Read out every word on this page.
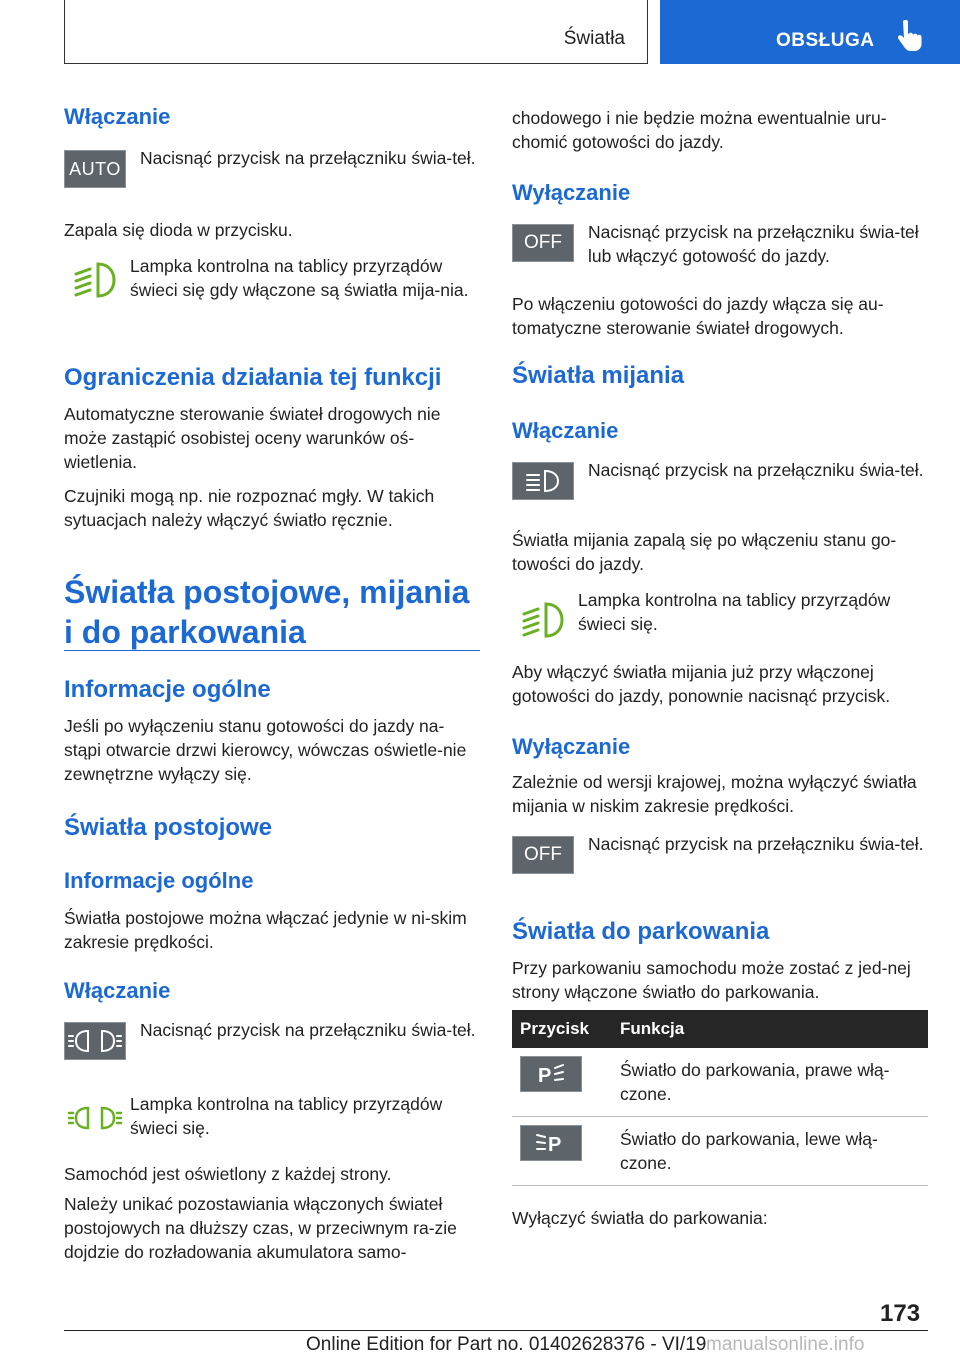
Światła	OBSŁUGA
Włączanie
AUTO
Nacisnąć przycisk na przełączniku świa-teł.

Zapala się dioda w przycisku.

Lampka kontrolna na tablicy przyrządów świeci się gdy włączone są światła mija-nia.
Ograniczenia działania tej funkcji

Automatyczne sterowanie świateł drogowych nie może zastąpić osobistej oceny warunków oś-wietlenia.

Czujniki mogą np. nie rozpoznać mgły. W takich sytuacjach należy włączyć światło ręcznie.

Światła postojowe, mijania i do parkowania
Informacje ogólne

Jeśli po wyłączeniu stanu gotowości do jazdy na-stąpi otwarcie drzwi kierowcy, wówczas oświetle-nie zewnętrzne wyłączy się.

Światła postojowe
Informacje ogólne

Światła postojowe można włączać jedynie w ni-skim zakresie prędkości.

Włączanie
Nacisnąć przycisk na przełączniku świa-teł.
Lampka kontrolna na tablicy przyrządów świeci się.

Samochód jest oświetlony z każdej strony.

Należy unikać pozostawiania włączonych świateł postojowych na dłuższy czas, w przeciwnym ra-zie dojdzie do rozładowania akumulatora samo-

chodowego i nie będzie można ewentualnie uru-chomić gotowości do jazdy.

Wyłączanie
OFF Nacisnąć przycisk na przełączniku świa-teł lub włączyć gotowość do jazdy.

Po włączeniu gotowości do jazdy włącza się au-tomatyczne sterowanie świateł drogowych.

Światła mijania
Włączanie
Nacisnąć przycisk na przełączniku świa-teł.

Światła mijania zapalą się po włączeniu stanu go-towości do jazdy.

Lampka kontrolna na tablicy przyrządów świeci się.

Aby włączyć światła mijania już przy włączonej gotowości do jazdy, ponownie nacisnąć przycisk.

Wyłączanie

Zależnie od wersji krajowej, można wyłączyć światła mijania w niskim zakresie prędkości.

OFF Nacisnąć przycisk na przełączniku świa-teł.
Światła do parkowania

Przy parkowaniu samochodu może zostać z jed-nej strony włączone światło do parkowania.

Przycisk	Funkcja

P	Światło do parkowania, prawe włą-czone.

P	Światło do parkowania, lewe włą-czone.

Wyłączyć światła do parkowania:

173
Online Edition for Part no. 01402628376 - VI/19 manualsonline.info
